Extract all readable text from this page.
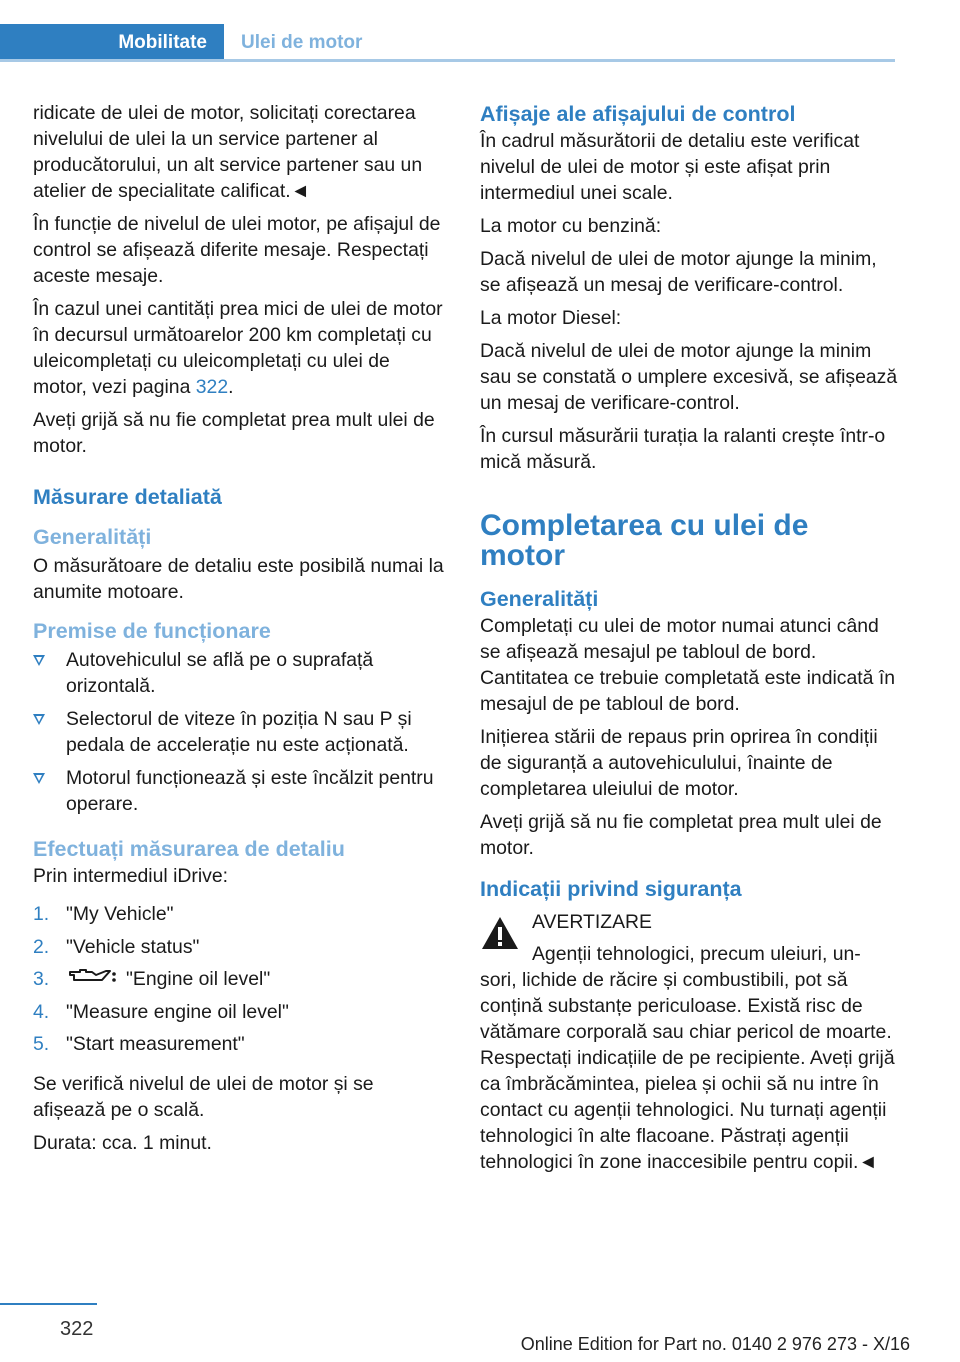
Mobilitate	Ulei de motor

ridicate de ulei de motor, solicitați corectarea nivelului de ulei la un service partener al producătorului, un alt service partener sau un atelier de specialitate calificat.◄

În funcție de nivelul de ulei motor, pe afișajul de control se afișează diferite mesaje. Respectați aceste mesaje.

În cazul unei cantități prea mici de ulei de motor în decursul următoarelor 200 km completați cu uleicompletați cu uleicompletați cu ulei de motor, vezi pagina 322.

Aveți grijă să nu fie completat prea mult ulei de motor.

Măsurare detaliată
Generalități

O măsurătoare de detaliu este posibilă numai la anumite motoare.

Premise de funcționare
Autovehiculul se află pe o suprafață orizontală.
Selectorul de viteze în poziția N sau P și pedala de accelerație nu este acționată.
Motorul funcționează și este încălzit pentru operare.
Efectuați măsurarea de detaliu

Prin intermediul iDrive:

1. "My Vehicle"
2. "Vehicle status"
3.	"Engine oil level"
4. "Measure engine oil level"
5. "Start measurement"

Se verifică nivelul de ulei de motor și se afișează pe o scală.

Durata: cca. 1 minut.

Afișaje ale afișajului de control

În cadrul măsurătorii de detaliu este verificat nivelul de ulei de motor și este afișat prin intermediul unei scale.

La motor cu benzină:

Dacă nivelul de ulei de motor ajunge la minim, se afișează un mesaj de verificare-control.

La motor Diesel:

Dacă nivelul de ulei de motor ajunge la minim sau se constată o umplere excesivă, se afișează un mesaj de verificare-control.

În cursul măsurării turația la ralanti crește într-o mică măsură.

Completarea cu ulei de motor
Generalități

Completați cu ulei de motor numai atunci când se afișează mesajul pe tabloul de bord. Cantitatea ce trebuie completată este indicată în mesajul de pe tabloul de bord.

Inițierea stării de repaus prin oprirea în condiții de siguranță a autovehiculului, înainte de completarea uleiului de motor.

Aveți grijă să nu fie completat prea mult ulei de motor.

Indicații privind siguranța
AVERTIZARE
Agenții tehnologici, precum uleiuri, un-
sori, lichide de răcire și combustibili, pot să conțină substanțe periculoase. Există risc de vătămare corporală sau chiar pericol de moarte. Respectați indicațiile de pe recipiente. Aveți grijă ca îmbrăcămintea, pielea și ochii să nu intre în contact cu agenții tehnologici. Nu turnați agenții tehnologici în alte flacoane. Păstrați agenții tehnologici în zone inaccesibile pentru copii.◄
322
Online Edition for Part no. 0140 2 976 273 - X/16
